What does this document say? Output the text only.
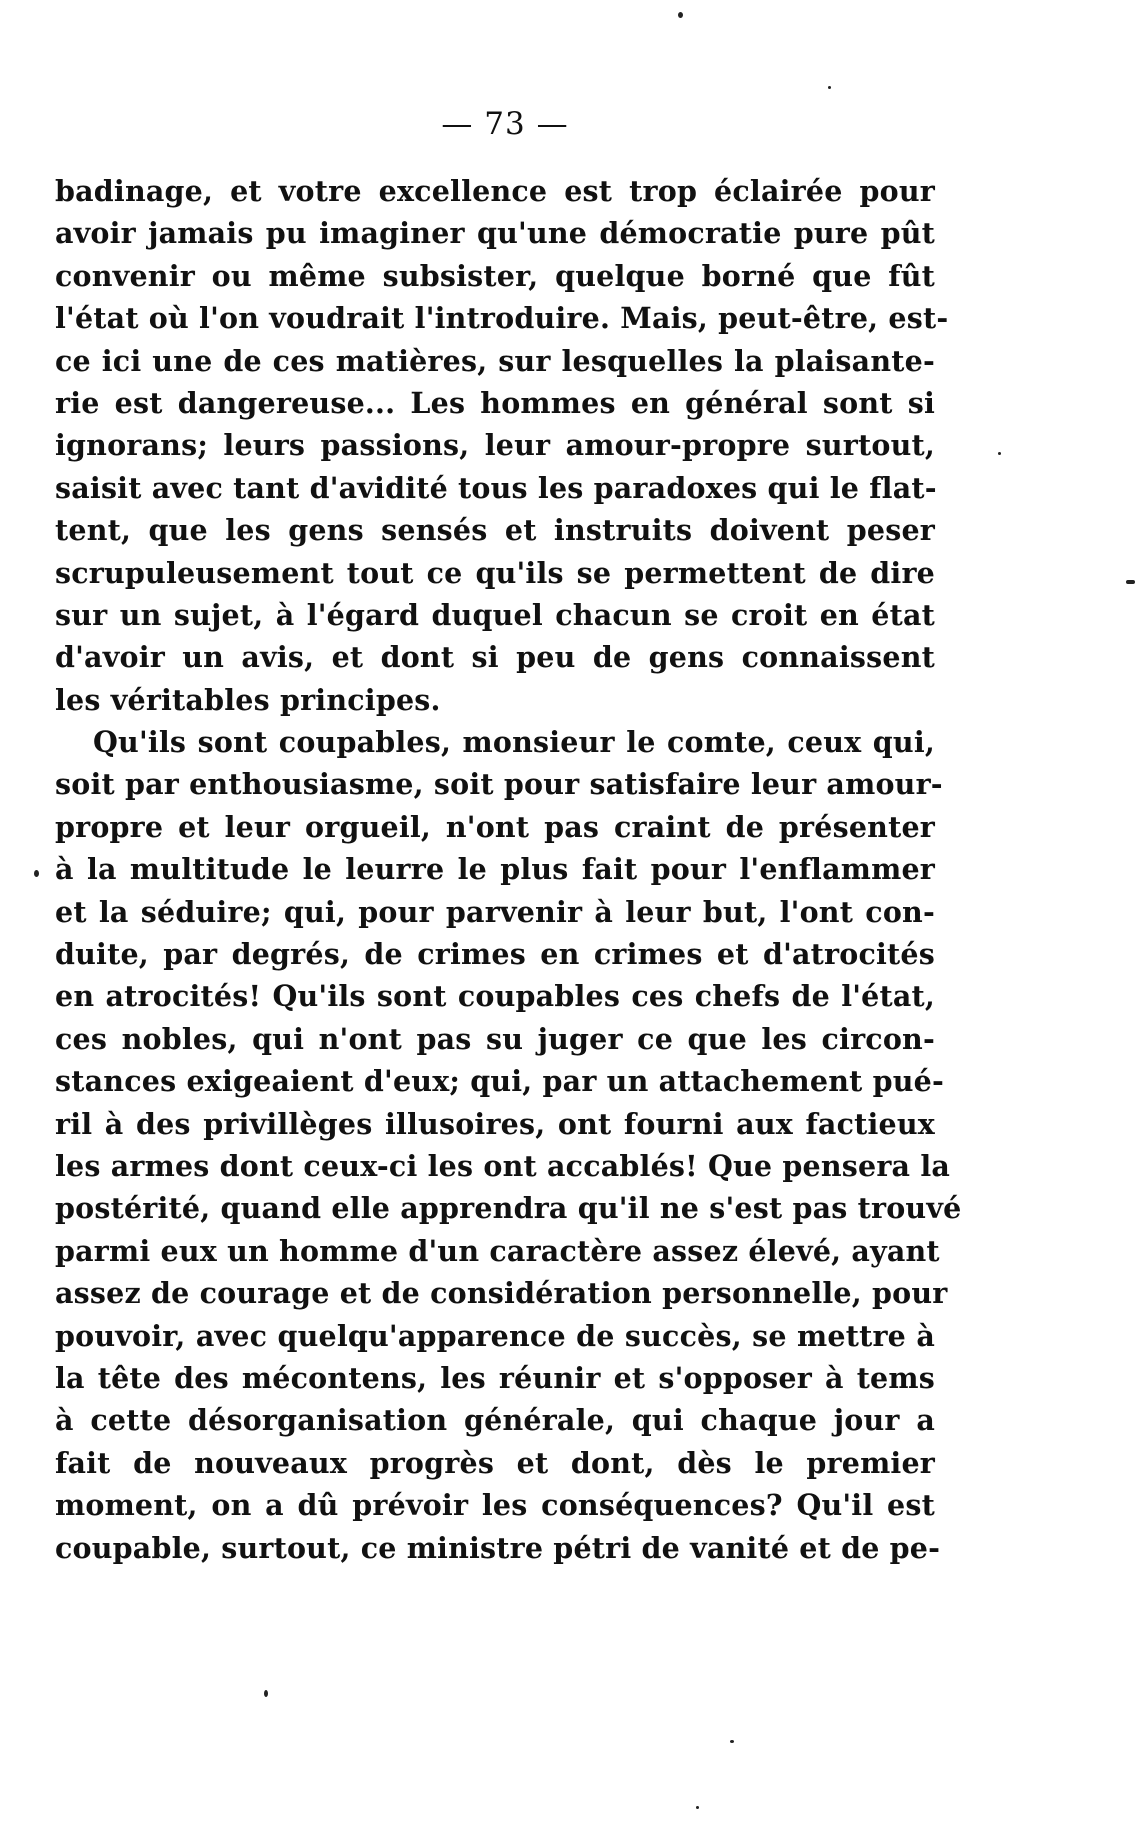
— 73 —
badinage, et votre excellence est trop éclairée pour
avoir jamais pu imaginer qu'une démocratie pure pût
convenir ou même subsister, quelque borné que fût
l'état où l'on voudrait l'introduire. Mais, peut-être, est-
ce ici une de ces matières, sur lesquelles la plaisante-
rie est dangereuse... Les hommes en général sont si
ignorans; leurs passions, leur amour-propre surtout,
saisit avec tant d'avidité tous les paradoxes qui le flat-
tent, que les gens sensés et instruits doivent peser
scrupuleusement tout ce qu'ils se permettent de dire
sur un sujet, à l'égard duquel chacun se croit en état
d'avoir un avis, et dont si peu de gens connaissent
les véritables principes.
Qu'ils sont coupables, monsieur le comte, ceux qui,
soit par enthousiasme, soit pour satisfaire leur amour-
propre et leur orgueil, n'ont pas craint de présenter
à la multitude le leurre le plus fait pour l'enflammer
et la séduire; qui, pour parvenir à leur but, l'ont con-
duite, par degrés, de crimes en crimes et d'atrocités
en atrocités! Qu'ils sont coupables ces chefs de l'état,
ces nobles, qui n'ont pas su juger ce que les circon-
stances exigeaient d'eux; qui, par un attachement pué-
ril à des privillèges illusoires, ont fourni aux factieux
les armes dont ceux-ci les ont accablés! Que pensera la
postérité, quand elle apprendra qu'il ne s'est pas trouvé
parmi eux un homme d'un caractère assez élevé, ayant
assez de courage et de considération personnelle, pour
pouvoir, avec quelqu'apparence de succès, se mettre à
la tête des mécontens, les réunir et s'opposer à tems
à cette désorganisation générale, qui chaque jour a
fait de nouveaux progrès et dont, dès le premier
moment, on a dû prévoir les conséquences? Qu'il est
coupable, surtout, ce ministre pétri de vanité et de pe-
